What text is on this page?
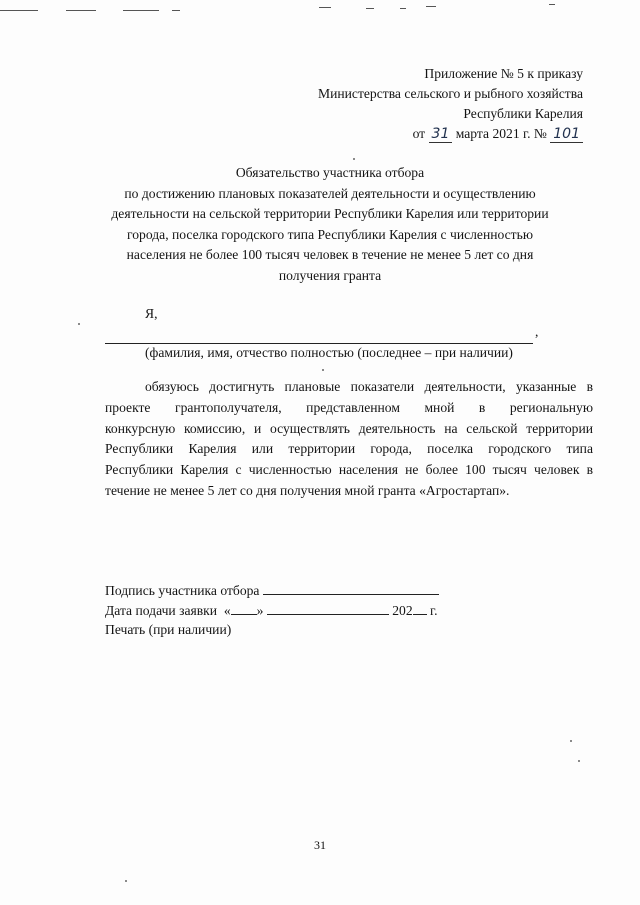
Приложение № 5 к приказу
Министерства сельского и рыбного хозяйства
Республики Карелия
от 31 марта 2021 г. № 101
Обязательство участника отбора
по достижению плановых показателей деятельности и осуществлению
деятельности на сельской территории Республики Карелия или территории
города, поселка городского типа Республики Карелия с численностью
населения не более 100 тысяч человек в течение не менее 5 лет со дня
получения гранта
Я,
,
(фамилия, имя, отчество полностью (последнее – при наличии)
обязуюсь достигнуть плановые показатели деятельности, указанные в
проекте грантополучателя, представленном мной в региональную
конкурсную комиссию, и осуществлять деятельность на сельской территории
Республики Карелия или территории города, поселка городского типа
Республики Карелия с численностью населения не более 100 тысяч человек в
течение не менее 5 лет со дня получения мной гранта «Агростартап».
Подпись участника отбора
Дата подачи заявки « »	202 г.
Печать (при наличии)
31
